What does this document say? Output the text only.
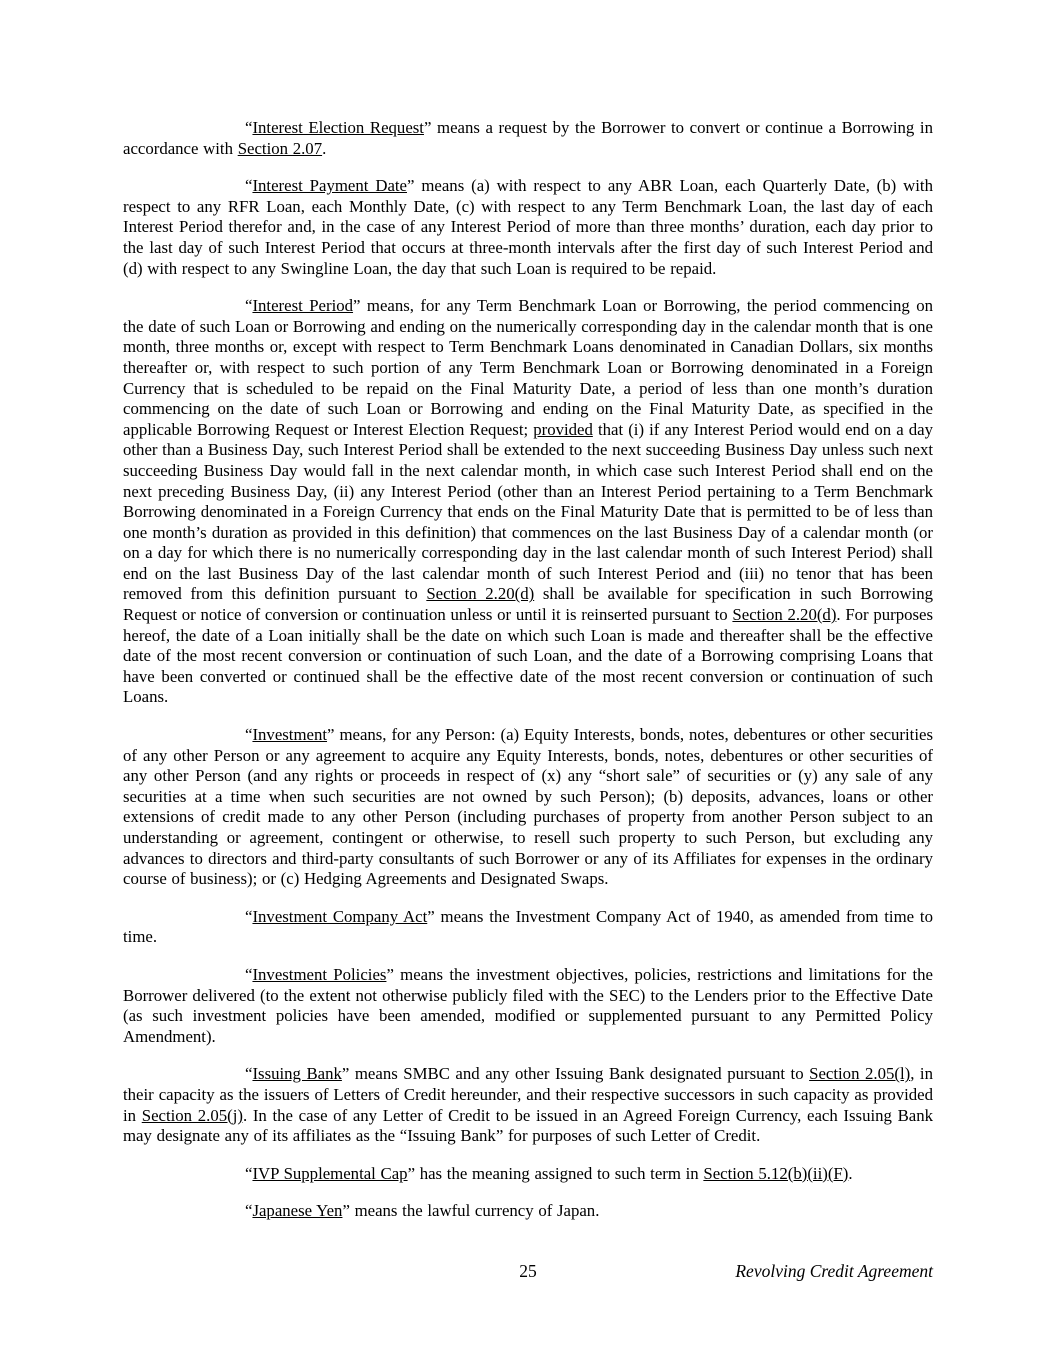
“Interest Election Request” means a request by the Borrower to convert or continue a Borrowing in accordance with Section 2.07.

“Interest Payment Date” means (a) with respect to any ABR Loan, each Quarterly Date, (b) with respect to any RFR Loan, each Monthly Date, (c) with respect to any Term Benchmark Loan, the last day of each Interest Period therefor and, in the case of any Interest Period of more than three months’ duration, each day prior to the last day of such Interest Period that occurs at three-month intervals after the first day of such Interest Period and (d) with respect to any Swingline Loan, the day that such Loan is required to be repaid.

“Interest Period” means, for any Term Benchmark Loan or Borrowing, the period commencing on the date of such Loan or Borrowing and ending on the numerically corresponding day in the calendar month that is one month, three months or, except with respect to Term Benchmark Loans denominated in Canadian Dollars, six months thereafter or, with respect to such portion of any Term Benchmark Loan or Borrowing denominated in a Foreign Currency that is scheduled to be repaid on the Final Maturity Date, a period of less than one month’s duration commencing on the date of such Loan or Borrowing and ending on the Final Maturity Date, as specified in the applicable Borrowing Request or Interest Election Request; provided that (i) if any Interest Period would end on a day other than a Business Day, such Interest Period shall be extended to the next succeeding Business Day unless such next succeeding Business Day would fall in the next calendar month, in which case such Interest Period shall end on the next preceding Business Day, (ii) any Interest Period (other than an Interest Period pertaining to a Term Benchmark Borrowing denominated in a Foreign Currency that ends on the Final Maturity Date that is permitted to be of less than one month’s duration as provided in this definition) that commences on the last Business Day of a calendar month (or on a day for which there is no numerically corresponding day in the last calendar month of such Interest Period) shall end on the last Business Day of the last calendar month of such Interest Period and (iii) no tenor that has been removed from this definition pursuant to Section 2.20(d) shall be available for specification in such Borrowing Request or notice of conversion or continuation unless or until it is reinserted pursuant to Section 2.20(d). For purposes hereof, the date of a Loan initially shall be the date on which such Loan is made and thereafter shall be the effective date of the most recent conversion or continuation of such Loan, and the date of a Borrowing comprising Loans that have been converted or continued shall be the effective date of the most recent conversion or continuation of such Loans.

“Investment” means, for any Person: (a) Equity Interests, bonds, notes, debentures or other securities of any other Person or any agreement to acquire any Equity Interests, bonds, notes, debentures or other securities of any other Person (and any rights or proceeds in respect of (x) any “short sale” of securities or (y) any sale of any securities at a time when such securities are not owned by such Person); (b) deposits, advances, loans or other extensions of credit made to any other Person (including purchases of property from another Person subject to an understanding or agreement, contingent or otherwise, to resell such property to such Person, but excluding any advances to directors and third-party consultants of such Borrower or any of its Affiliates for expenses in the ordinary course of business); or (c) Hedging Agreements and Designated Swaps.

“Investment Company Act” means the Investment Company Act of 1940, as amended from time to time.

“Investment Policies” means the investment objectives, policies, restrictions and limitations for the Borrower delivered (to the extent not otherwise publicly filed with the SEC) to the Lenders prior to the Effective Date (as such investment policies have been amended, modified or supplemented pursuant to any Permitted Policy Amendment).

“Issuing Bank” means SMBC and any other Issuing Bank designated pursuant to Section 2.05(l), in their capacity as the issuers of Letters of Credit hereunder, and their respective successors in such capacity as provided in Section 2.05(j). In the case of any Letter of Credit to be issued in an Agreed Foreign Currency, each Issuing Bank may designate any of its affiliates as the “Issuing Bank” for purposes of such Letter of Credit.

“IVP Supplemental Cap” has the meaning assigned to such term in Section 5.12(b)(ii)(F).

“Japanese Yen” means the lawful currency of Japan.

25	Revolving Credit Agreement
